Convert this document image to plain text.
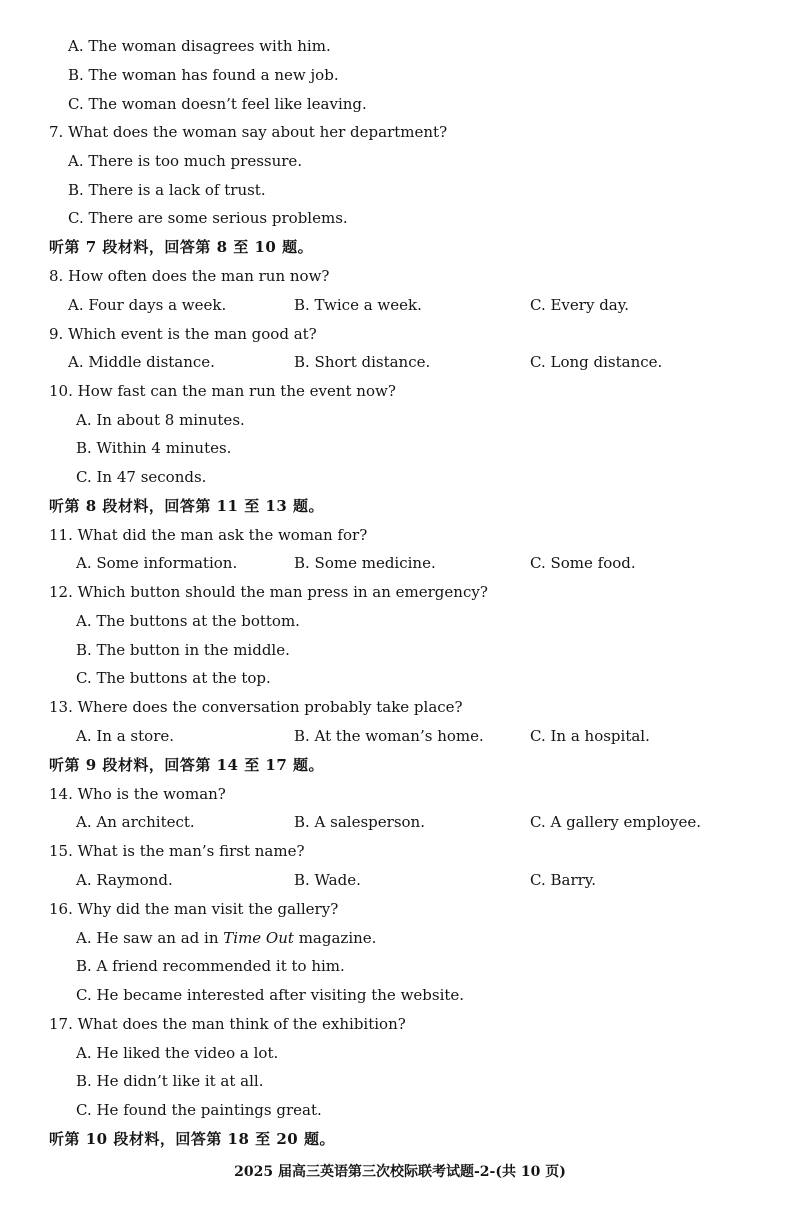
A. The woman disagrees with him.
B. The woman has found a new job.
C. The woman doesn’t feel like leaving.
7. What does the woman say about her department?
A. There is too much pressure.
B. There is a lack of trust.
C. There are some serious problems.
听第 7 段材料，回答第 8 至 10 题。
8. How often does the man run now?
A. Four days a week.	B. Twice a week.	C. Every day.
9. Which event is the man good at?
A. Middle distance.	B. Short distance.	C. Long distance.
10. How fast can the man run the event now?
A. In about 8 minutes.
B. Within 4 minutes.
C. In 47 seconds.
听第 8 段材料，回答第 11 至 13 题。
11. What did the man ask the woman for?
A. Some information.	B. Some medicine.	C. Some food.
12. Which button should the man press in an emergency?
A. The buttons at the bottom.
B. The button in the middle.
C. The buttons at the top.
13. Where does the conversation probably take place?
A. In a store.	B. At the woman’s home.	C. In a hospital.
听第 9 段材料，回答第 14 至 17 题。
14. Who is the woman?
A. An architect.	B. A salesperson.	C. A gallery employee.
15. What is the man’s first name?
A. Raymond.	B. Wade.	C. Barry.
16. Why did the man visit the gallery?
A. He saw an ad in Time Out magazine.
B. A friend recommended it to him.
C. He became interested after visiting the website.
17. What does the man think of the exhibition?
A. He liked the video a lot.
B. He didn’t like it at all.
C. He found the paintings great.
听第 10 段材料，回答第 18 至 20 题。
2025 届高三英语第三次校际联考试题-2-(共 10 页)
